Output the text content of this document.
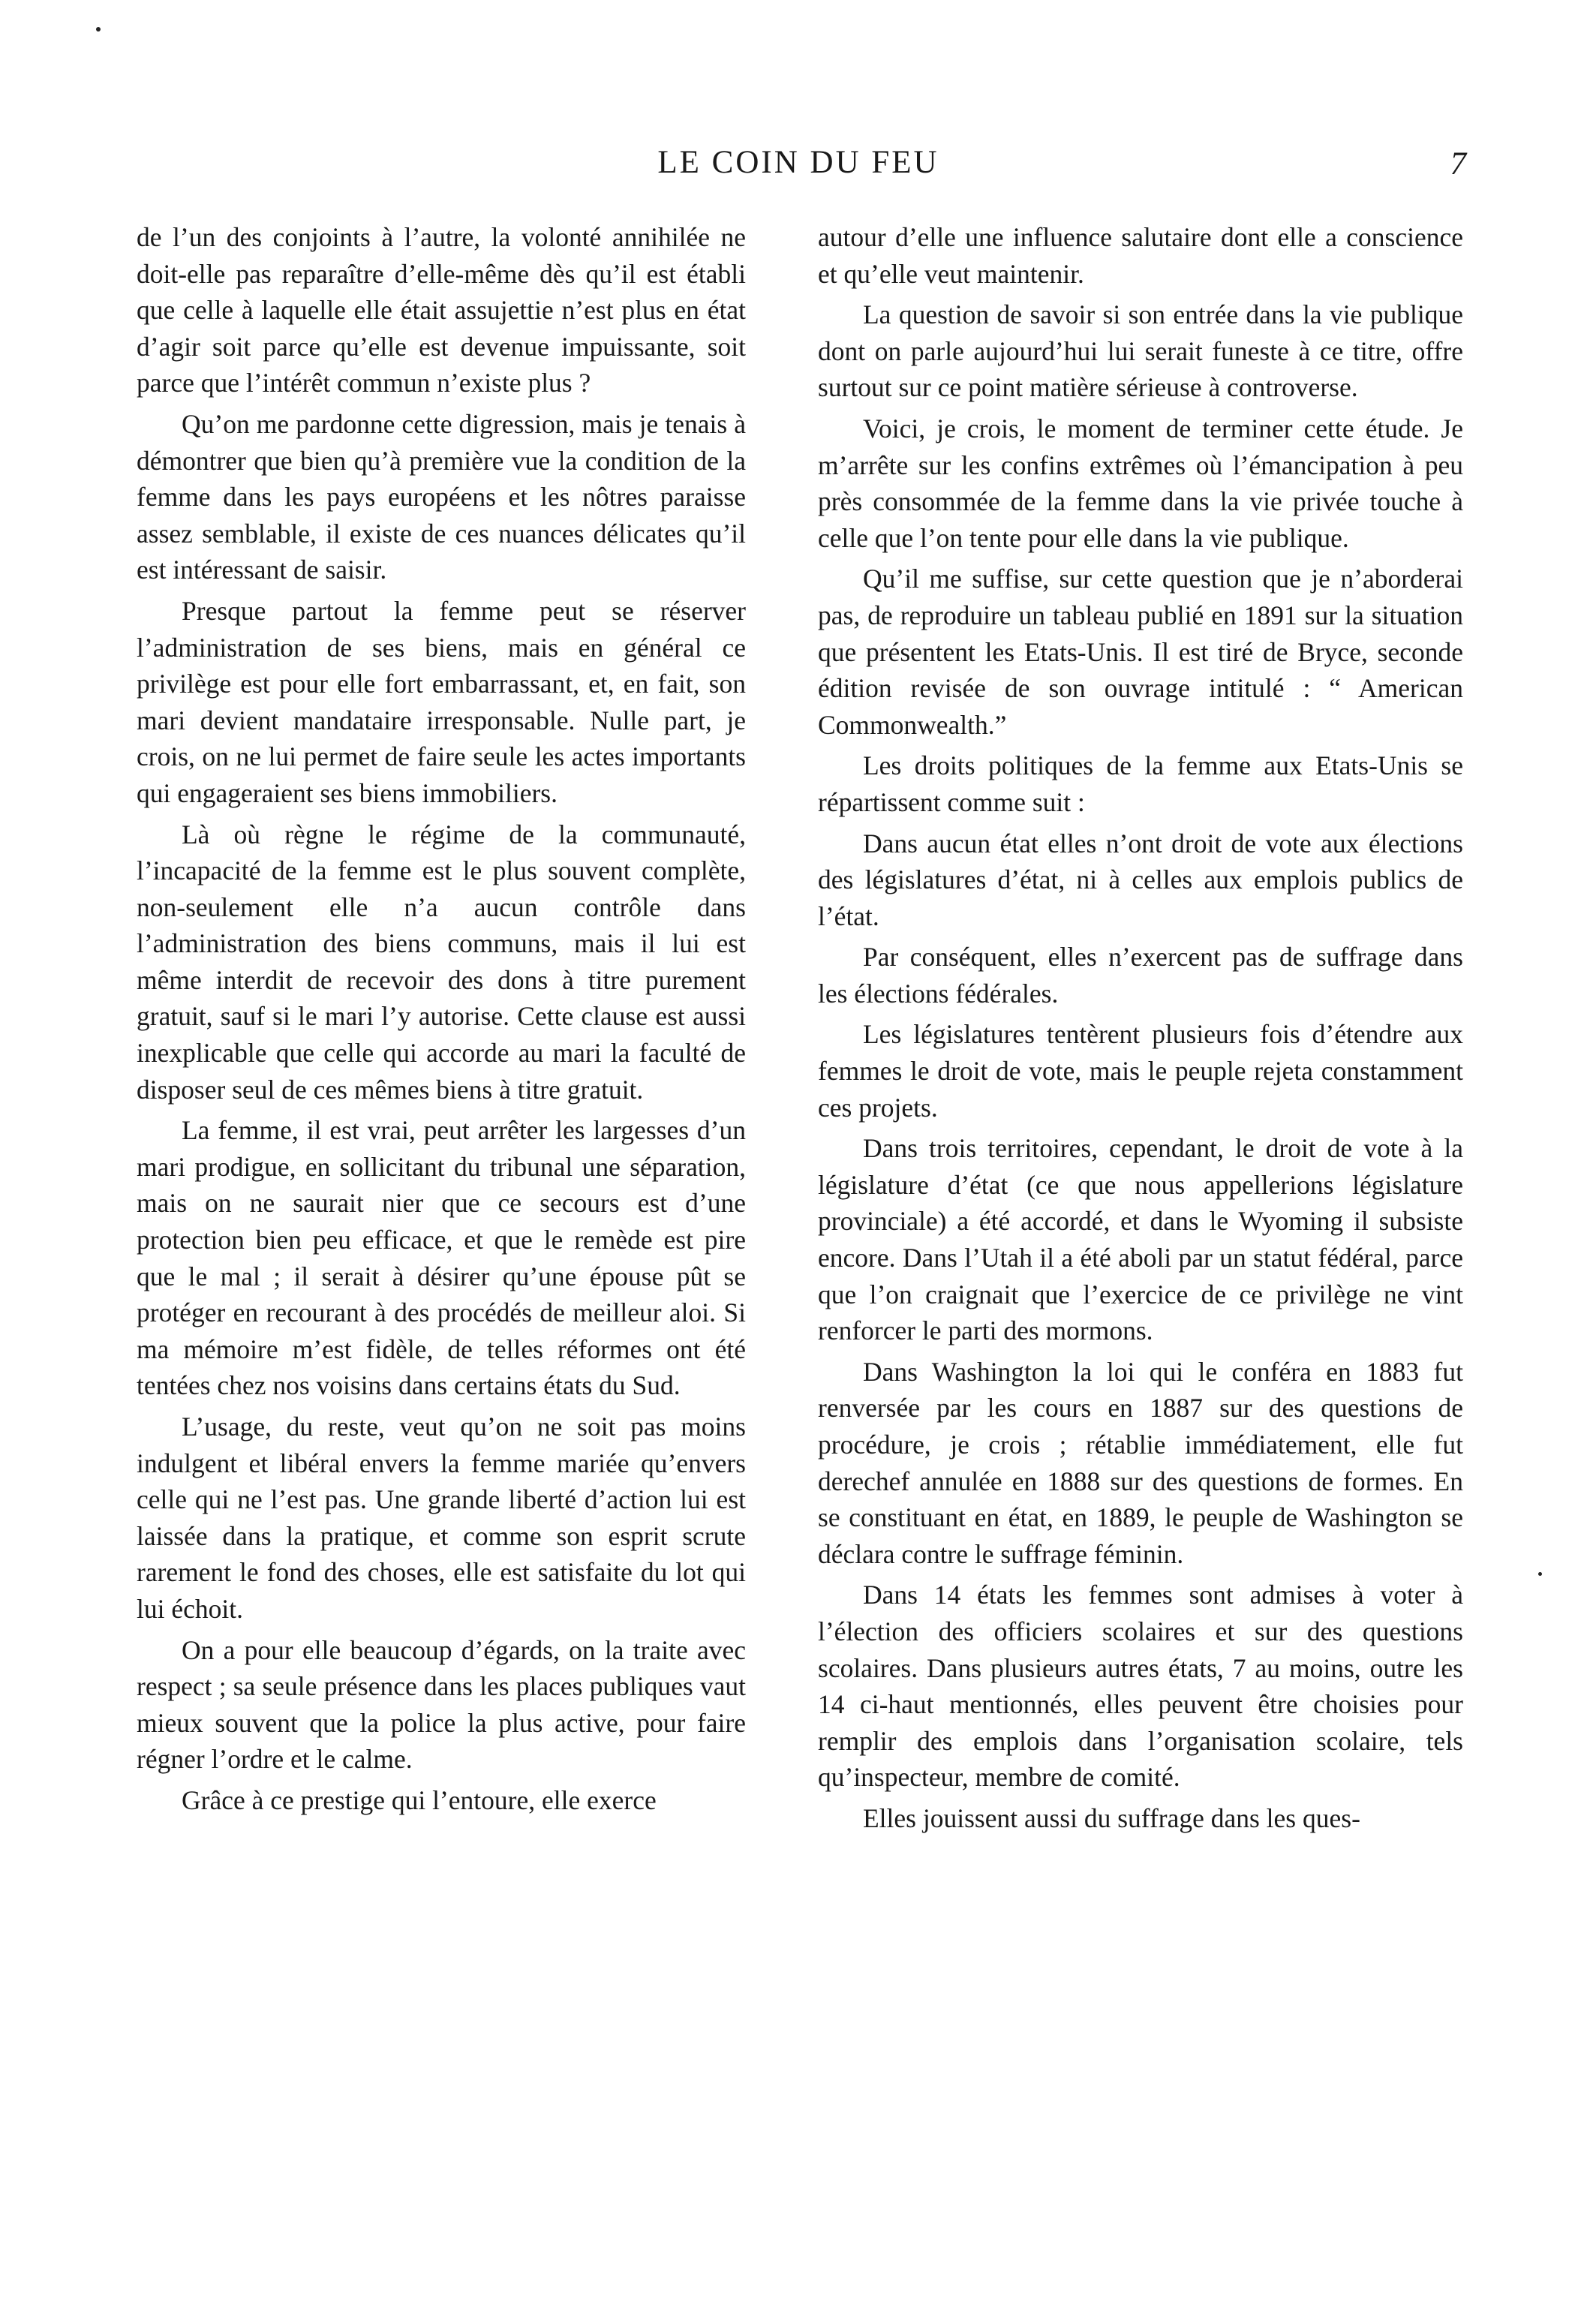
LE COIN DU FEU	7

de l’un des conjoints à l’autre, la volonté annihilée ne doit-elle pas reparaître d’elle-même dès qu’il est établi que celle à laquelle elle était assujettie n’est plus en état d’agir soit parce qu’elle est devenue impuissante, soit parce que l’intérêt commun n’existe plus ?

Qu’on me pardonne cette digression, mais je tenais à démontrer que bien qu’à première vue la condition de la femme dans les pays européens et les nôtres paraisse assez semblable, il existe de ces nuances délicates qu’il est intéressant de saisir.

Presque partout la femme peut se réserver l’administration de ses biens, mais en général ce privilège est pour elle fort embarrassant, et, en fait, son mari devient mandataire irresponsable. Nulle part, je crois, on ne lui permet de faire seule les actes importants qui engageraient ses biens immobiliers.

Là où règne le régime de la communauté, l’incapacité de la femme est le plus souvent complète, non-seulement elle n’a aucun contrôle dans l’administration des biens communs, mais il lui est même interdit de recevoir des dons à titre purement gratuit, sauf si le mari l’y autorise. Cette clause est aussi inexplicable que celle qui accorde au mari la faculté de disposer seul de ces mêmes biens à titre gratuit.

La femme, il est vrai, peut arrêter les largesses d’un mari prodigue, en sollicitant du tribunal une séparation, mais on ne saurait nier que ce secours est d’une protection bien peu efficace, et que le remède est pire que le mal ; il serait à désirer qu’une épouse pût se protéger en recourant à des procédés de meilleur aloi. Si ma mémoire m’est fidèle, de telles réformes ont été tentées chez nos voisins dans certains états du Sud.

L’usage, du reste, veut qu’on ne soit pas moins indulgent et libéral envers la femme mariée qu’envers celle qui ne l’est pas. Une grande liberté d’action lui est laissée dans la pratique, et comme son esprit scrute rarement le fond des choses, elle est satisfaite du lot qui lui échoit.

On a pour elle beaucoup d’égards, on la traite avec respect ; sa seule présence dans les places publiques vaut mieux souvent que la police la plus active, pour faire régner l’ordre et le calme.

Grâce à ce prestige qui l’entoure, elle exerce

autour d’elle une influence salutaire dont elle a conscience et qu’elle veut maintenir.

La question de savoir si son entrée dans la vie publique dont on parle aujourd’hui lui serait funeste à ce titre, offre surtout sur ce point matière sérieuse à controverse.

Voici, je crois, le moment de terminer cette étude. Je m’arrête sur les confins extrêmes où l’émancipation à peu près consommée de la femme dans la vie privée touche à celle que l’on tente pour elle dans la vie publique.

Qu’il me suffise, sur cette question que je n’aborderai pas, de reproduire un tableau publié en 1891 sur la situation que présentent les Etats-Unis. Il est tiré de Bryce, seconde édition revisée de son ouvrage intitulé : “ American Commonwealth.”

Les droits politiques de la femme aux Etats-Unis se répartissent comme suit :

Dans aucun état elles n’ont droit de vote aux élections des législatures d’état, ni à celles aux emplois publics de l’état.

Par conséquent, elles n’exercent pas de suffrage dans les élections fédérales.

Les législatures tentèrent plusieurs fois d’étendre aux femmes le droit de vote, mais le peuple rejeta constamment ces projets.

Dans trois territoires, cependant, le droit de vote à la législature d’état (ce que nous appellerions législature provinciale) a été accordé, et dans le Wyoming il subsiste encore. Dans l’Utah il a été aboli par un statut fédéral, parce que l’on craignait que l’exercice de ce privilège ne vint renforcer le parti des mormons.

Dans Washington la loi qui le conféra en 1883 fut renversée par les cours en 1887 sur des questions de procédure, je crois ; rétablie immédiatement, elle fut derechef annulée en 1888 sur des questions de formes. En se constituant en état, en 1889, le peuple de Washington se déclara contre le suffrage féminin.

Dans 14 états les femmes sont admises à voter à l’élection des officiers scolaires et sur des questions scolaires. Dans plusieurs autres états, 7 au moins, outre les 14 ci-haut mentionnés, elles peuvent être choisies pour remplir des emplois dans l’organisation scolaire, tels qu’inspecteur, membre de comité.

Elles jouissent aussi du suffrage dans les ques-
